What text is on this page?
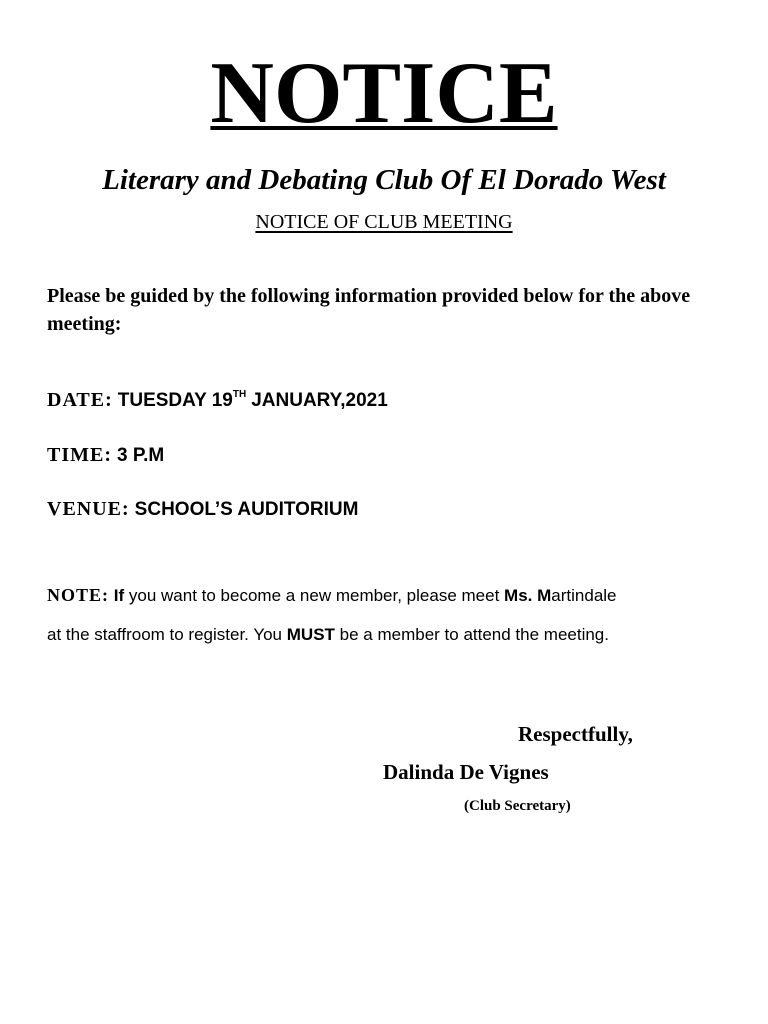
NOTICE
Literary and Debating Club Of El Dorado West
NOTICE OF CLUB MEETING
Please be guided by the following information provided below for the above meeting:
DATE: TUESDAY 19TH JANUARY,2021
TIME: 3 P.M
VENUE: SCHOOL’S AUDITORIUM
NOTE: If you want to become a new member, please meet Ms. Martindale
at the staffroom to register. You MUST be a member to attend the meeting.
Respectfully,
Dalinda De Vignes
(Club Secretary)
